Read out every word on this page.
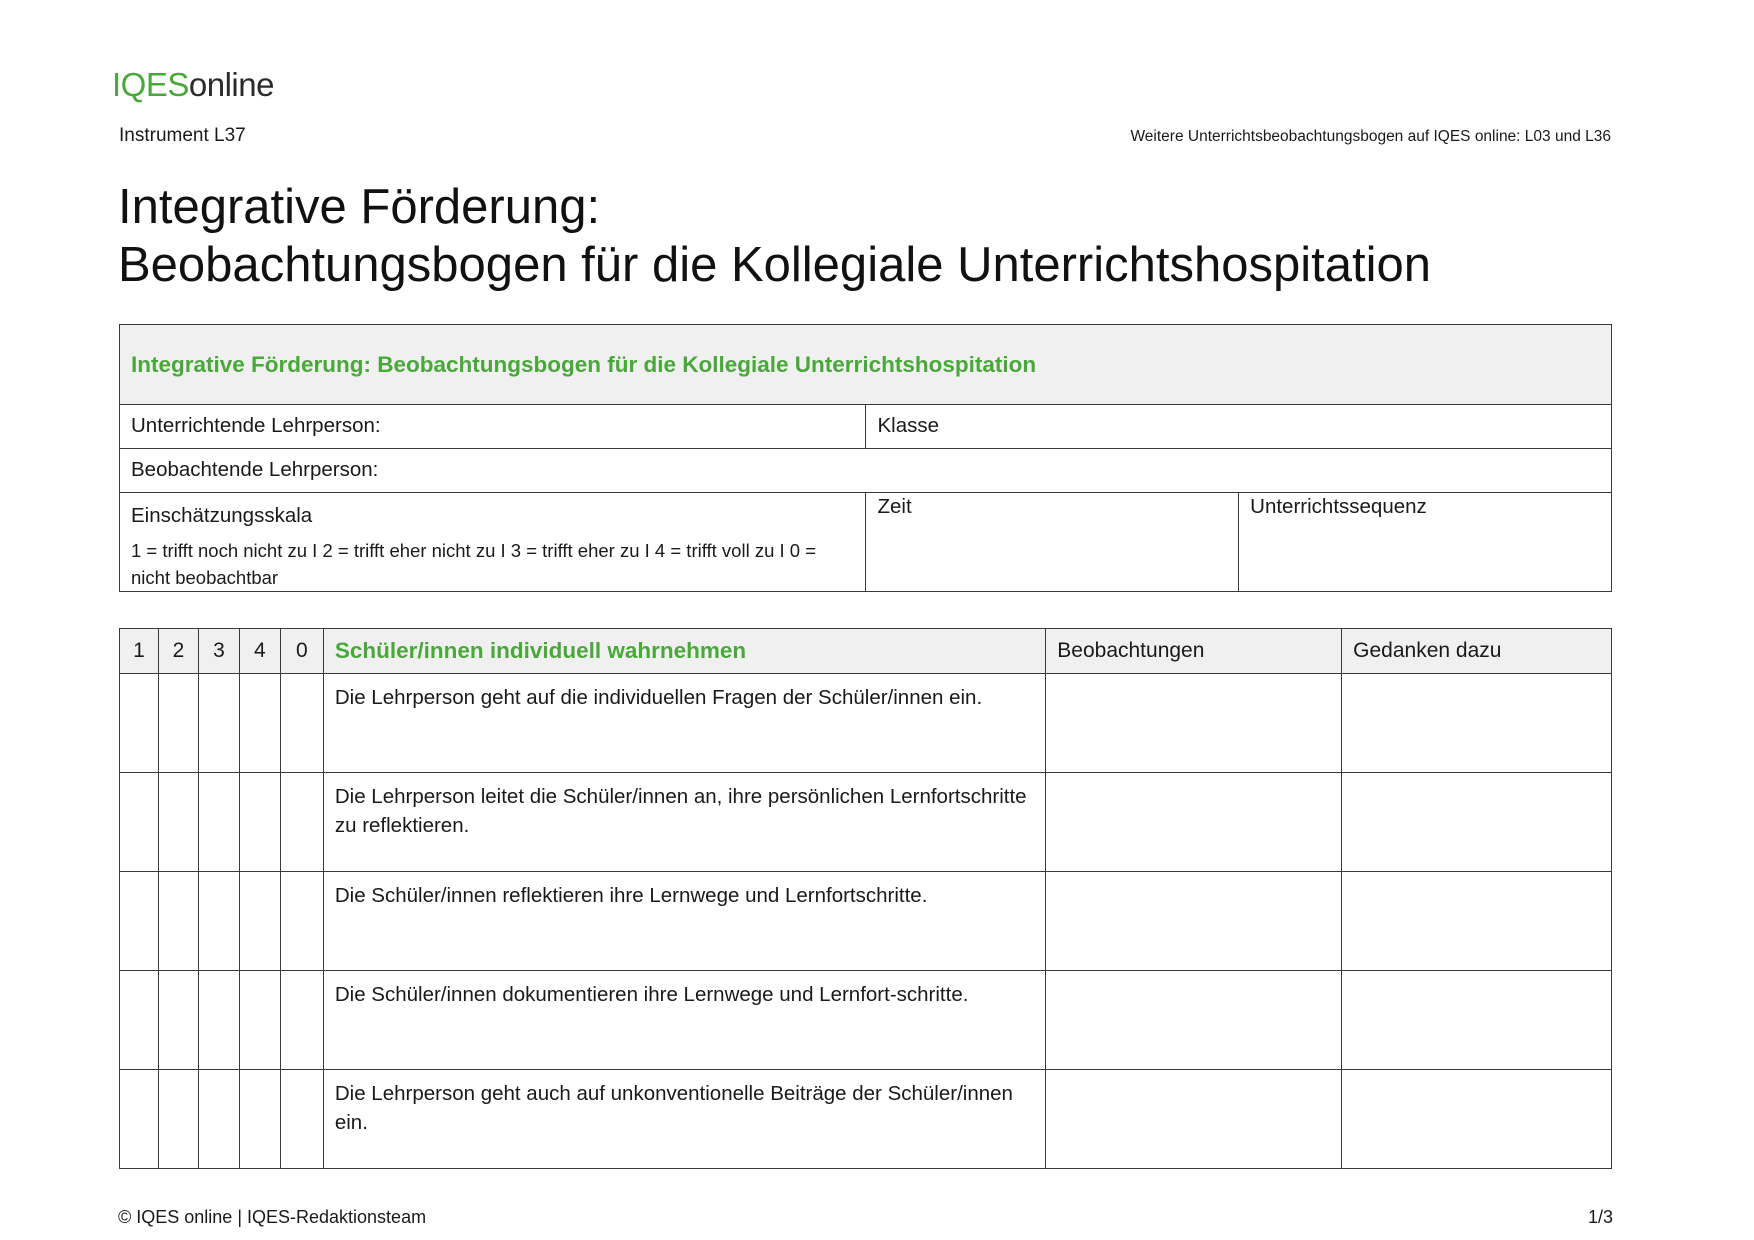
IQESonline
Instrument L37	Weitere Unterrichtsbeobachtungsbogen auf IQES online: L03 und L36
Integrative Förderung:
Beobachtungsbogen für die Kollegiale Unterrichtshospitation
Integrative Förderung: Beobachtungsbogen für die Kollegiale Unterrichtshospitation		
Unterrichtende Lehrperson:	Klasse	
Beobachtende Lehrperson:		

Einschätzungsskala
1 = trifft noch nicht zu I 2 = trifft eher nicht zu I 3 = trifft eher zu I 4 = trifft voll zu I 0 = nicht beobachtbar	Zeit	Unterrichtssequenz
1	2	3	4	0	Schüler/innen individuell wahrnehmen	Beobachtungen	Gedanken dazu
					Die Lehrperson geht auf die individuellen Fragen der Schüler/innen ein.		
					Die Lehrperson leitet die Schüler/innen an, ihre persönlichen Lernfortschritte zu reflektieren.		
					Die Schüler/innen reflektieren ihre Lernwege und Lernfortschritte.		
					Die Schüler/innen dokumentieren ihre Lernwege und Lernfort-schritte.		
					Die Lehrperson geht auch auf unkonventionelle Beiträge der Schüler/innen ein.		
© IQES online | IQES-Redaktionsteam	1/3
